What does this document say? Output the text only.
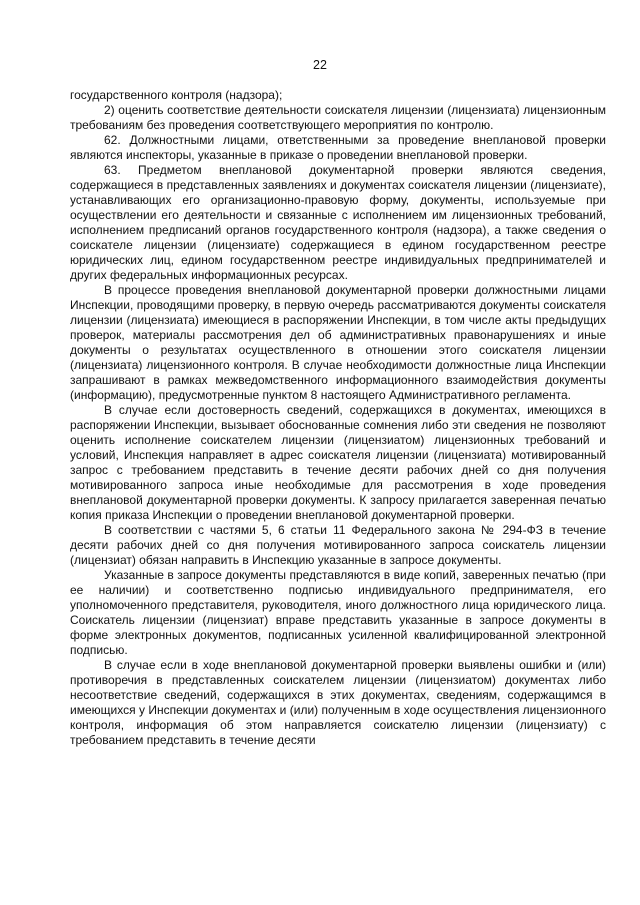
22

государственного контроля (надзора);

2) оценить соответствие деятельности соискателя лицензии (лицензиата) лицензионным требованиям без проведения соответствующего мероприятия по контролю.

62. Должностными лицами, ответственными за проведение внеплановой проверки являются инспекторы, указанные в приказе о проведении внеплановой проверки.

63. Предметом внеплановой документарной проверки являются сведения, содержащиеся в представленных заявлениях и документах соискателя лицензии (лицензиате), устанавливающих его организационно-правовую форму, документы, используемые при осуществлении его деятельности и связанные с исполнением им лицензионных требований, исполнением предписаний органов государственного контроля (надзора), а также сведения о соискателе лицензии (лицензиате) содержащиеся в едином государственном реестре юридических лиц, едином государственном реестре индивидуальных предпринимателей и других федеральных информационных ресурсах.

В процессе проведения внеплановой документарной проверки должностными лицами Инспекции, проводящими проверку, в первую очередь рассматриваются документы соискателя лицензии (лицензиата) имеющиеся в распоряжении Инспекции, в том числе акты предыдущих проверок, материалы рассмотрения дел об административных правонарушениях и иные документы о результатах осуществленного в отношении этого соискателя лицензии (лицензиата) лицензионного контроля. В случае необходимости должностные лица Инспекции запрашивают в рамках межведомственного информационного взаимодействия документы (информацию), предусмотренные пунктом 8 настоящего Административного регламента.

В случае если достоверность сведений, содержащихся в документах, имеющихся в распоряжении Инспекции, вызывает обоснованные сомнения либо эти сведения не позволяют оценить исполнение соискателем лицензии (лицензиатом) лицензионных требований и условий, Инспекция направляет в адрес соискателя лицензии (лицензиата) мотивированный запрос с требованием представить в течение десяти рабочих дней со дня получения мотивированного запроса иные необходимые для рассмотрения в ходе проведения внеплановой документарной проверки документы. К запросу прилагается заверенная печатью копия приказа Инспекции о проведении внеплановой документарной проверки.

В соответствии с частями 5, 6 статьи 11 Федерального закона № 294-ФЗ в течение десяти рабочих дней со дня получения мотивированного запроса соискатель лицензии (лицензиат) обязан направить в Инспекцию указанные в запросе документы.

Указанные в запросе документы представляются в виде копий, заверенных печатью (при ее наличии) и соответственно подписью индивидуального предпринимателя, его уполномоченного представителя, руководителя, иного должностного лица юридического лица. Соискатель лицензии (лицензиат) вправе представить указанные в запросе документы в форме электронных документов, подписанных усиленной квалифицированной электронной подписью.

В случае если в ходе внеплановой документарной проверки выявлены ошибки и (или) противоречия в представленных соискателем лицензии (лицензиатом) документах либо несоответствие сведений, содержащихся в этих документах, сведениям, содержащимся в имеющихся у Инспекции документах и (или) полученным в ходе осуществления лицензионного контроля, информация об этом направляется соискателю лицензии (лицензиату) с требованием представить в течение десяти
